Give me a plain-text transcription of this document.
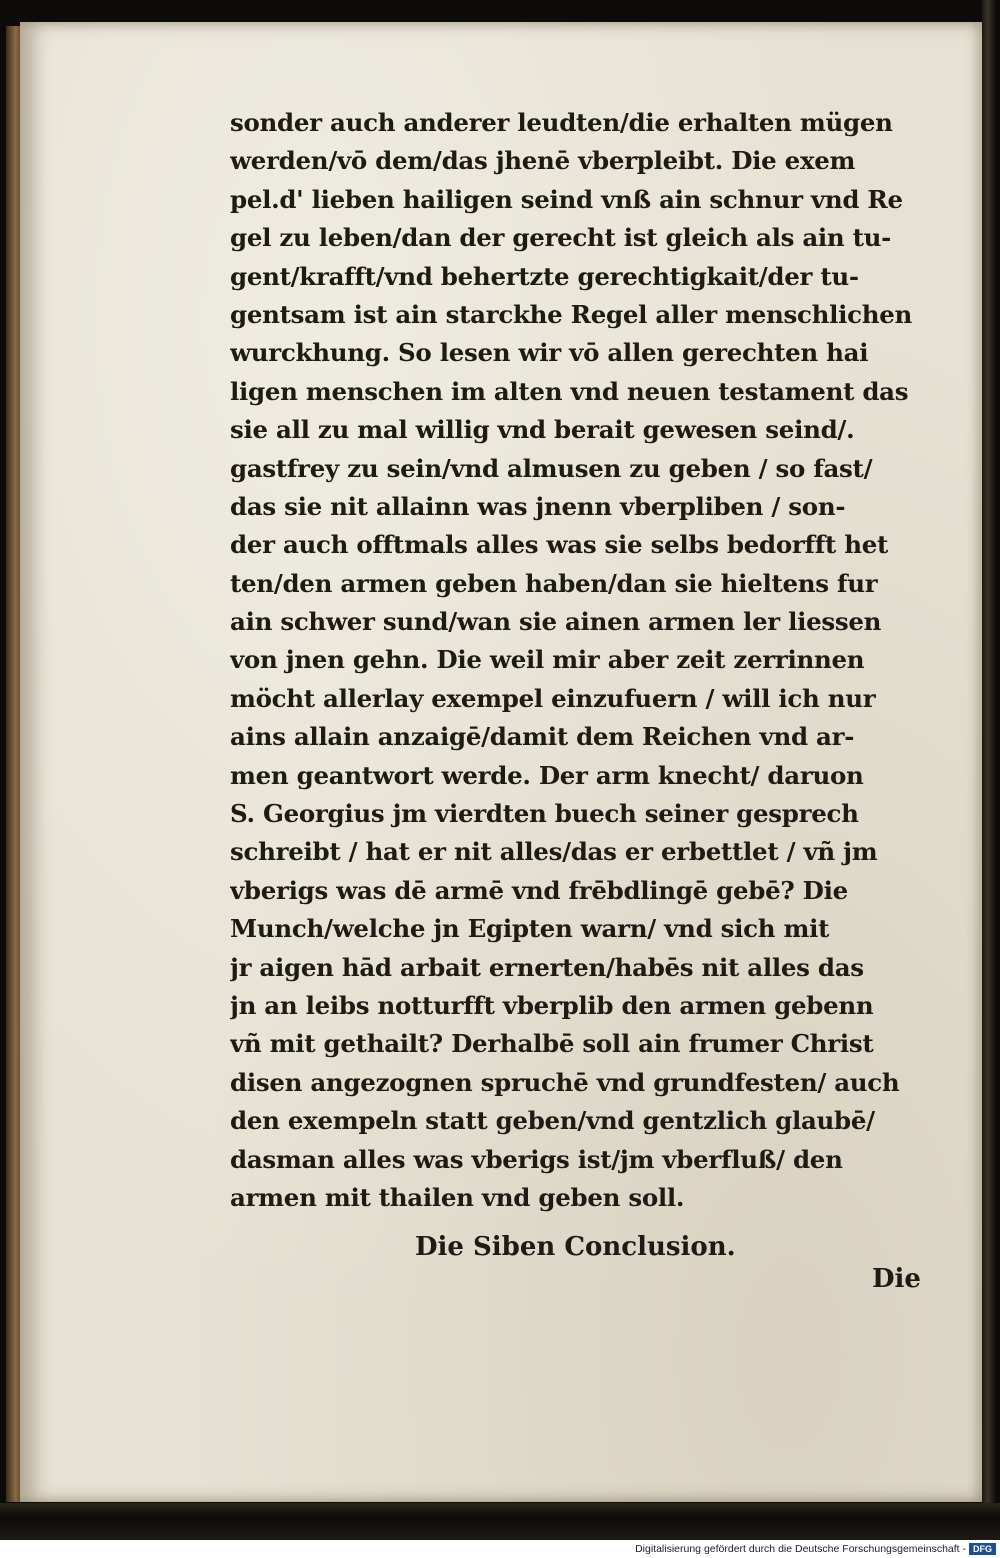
sonder auch anderer leudten/die erhalten mügen
werden/vō dem/das jhenē vberpleibt. Die exem
pel.d' lieben hailigen seind vnß ain schnur vnd Re
gel zu leben/dan der gerecht ist gleich als ain tu-
gent/krafft/vnd behertzte gerechtigkait/der tu-
gentsam ist ain starckhe Regel aller menschlichen
wurckhung. So lesen wir vō allen gerechten hai
ligen menschen im alten vnd neuen testament das
sie all zu mal willig vnd berait gewesen seind/.
gastfrey zu sein/vnd almusen zu geben / so fast/
das sie nit allainn was jnenn vberpliben / son-
der auch offtmals alles was sie selbs bedorfft het
ten/den armen geben haben/dan sie hieltens fur
ain schwer sund/wan sie ainen armen ler liessen
von jnen gehn. Die weil mir aber zeit zerrinnen
möcht allerlay exempel einzufuern / will ich nur
ains allain anzaigē/damit dem Reichen vnd ar-
men geantwort werde. Der arm knecht/ daruon
S. Georgius jm vierdten buech seiner gesprech
schreibt / hat er nit alles/das er erbettlet / vñ jm
vberigs was dē armē vnd frēbdlingē gebē? Die
Munch/welche jn Egipten warn/ vnd sich mit
jr aigen hād arbait ernerten/habēs nit alles das
jn an leibs notturfft vberplib den armen gebenn
vñ mit gethailt? Derhalbē soll ain frumer Christ
disen angezognen spruchē vnd grundfesten/ auch
den exempeln statt geben/vnd gentzlich glaubē/
dasman alles was vberigs ist/jm vberfluß/ den
armen mit thailen vnd geben soll.
Die Siben Conclusion.
Die
Digitalisierung gefördert durch die Deutsche Forschungsgemeinschaft - DFG
